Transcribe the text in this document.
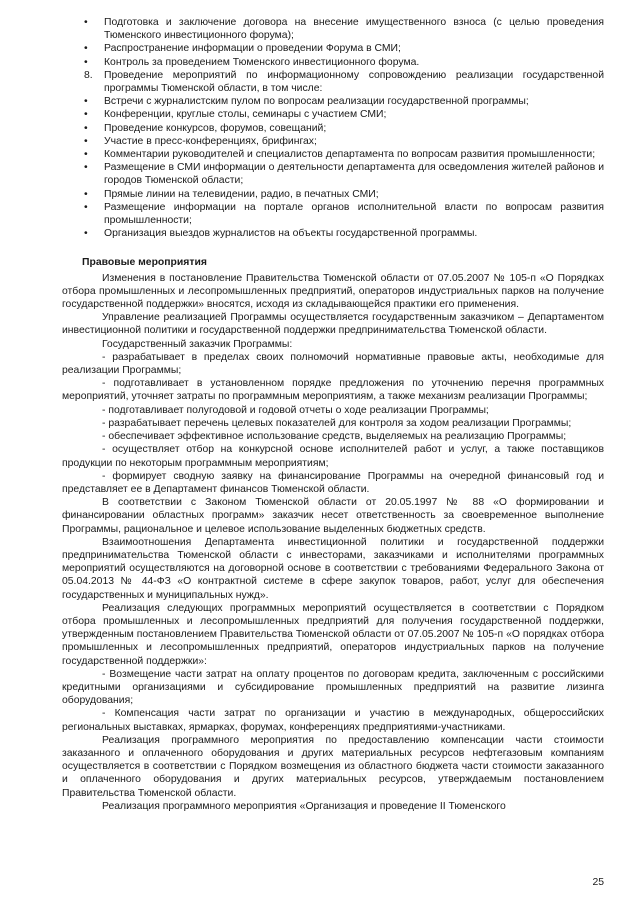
•	Подготовка и заключение договора на внесение имущественного взноса (с целью проведения Тюменского инвестиционного форума);
•	Распространение информации о проведении Форума в СМИ;
•	Контроль за проведением Тюменского инвестиционного форума.
8.	Проведение мероприятий по информационному сопровождению реализации государственной программы Тюменской области, в том числе:
•	Встречи с журналистским пулом по вопросам реализации государственной программы;
•	Конференции, круглые столы, семинары с участием СМИ;
•	Проведение конкурсов, форумов, совещаний;
•	Участие в пресс-конференциях, брифингах;
•	Комментарии руководителей и специалистов департамента по вопросам развития промышленности;
•	Размещение в СМИ информации о деятельности департамента для осведомления жителей районов и городов Тюменской области;
•	Прямые линии на телевидении, радио, в печатных СМИ;
•	Размещение информации на портале органов исполнительной власти по вопросам развития промышленности;
•	Организация выездов журналистов на объекты государственной программы.
Правовые мероприятия

Изменения в постановление Правительства Тюменской области от 07.05.2007 № 105-п «О Порядках отбора промышленных и лесопромышленных предприятий, операторов индустриальных парков на получение государственной поддержки» вносятся, исходя из складывающейся практики его применения.

Управление реализацией Программы осуществляется государственным заказчиком – Департаментом инвестиционной политики и государственной поддержки предпринимательства Тюменской области.

Государственный заказчик Программы:

- разрабатывает в пределах своих полномочий нормативные правовые акты, необходимые для реализации Программы;

- подготавливает в установленном порядке предложения по уточнению перечня программных мероприятий, уточняет затраты по программным мероприятиям, а также механизм реализации Программы;

- подготавливает полугодовой и годовой отчеты о ходе реализации Программы;

- разрабатывает перечень целевых показателей для контроля за ходом реализации Программы;

- обеспечивает эффективное использование средств, выделяемых на реализацию Программы;

- осуществляет отбор на конкурсной основе исполнителей работ и услуг, а также поставщиков продукции по некоторым программным мероприятиям;

- формирует сводную заявку на финансирование Программы на очередной финансовый год и представляет ее в Департамент финансов Тюменской области.

В соответствии с Законом Тюменской области от 20.05.1997 № 88 «О формировании и финансировании областных программ» заказчик несет ответственность за своевременное выполнение Программы, рациональное и целевое использование выделенных бюджетных средств.

Взаимоотношения Департамента инвестиционной политики и государственной поддержки предпринимательства Тюменской области с инвесторами, заказчиками и исполнителями программных мероприятий осуществляются на договорной основе в соответствии с требованиями Федерального Закона от 05.04.2013 № 44-ФЗ «О контрактной системе в сфере закупок товаров, работ, услуг для обеспечения государственных и муниципальных нужд».

Реализация следующих программных мероприятий осуществляется в соответствии с Порядком отбора промышленных и лесопромышленных предприятий для получения государственной поддержки, утвержденным постановлением Правительства Тюменской области от 07.05.2007 № 105-п «О порядках отбора промышленных и лесопромышленных предприятий, операторов индустриальных парков на получение государственной поддержки»:

- Возмещение части затрат на оплату процентов по договорам кредита, заключенным с российскими кредитными организациями и субсидирование промышленных предприятий на развитие лизинга оборудования;

- Компенсация части затрат по организации и участию в международных, общероссийских региональных выставках, ярмарках, форумах, конференциях предприятиями-участниками.

Реализация программного мероприятия по предоставлению компенсации части стоимости заказанного и оплаченного оборудования и других материальных ресурсов нефтегазовым компаниям осуществляется в соответствии с Порядком возмещения из областного бюджета части стоимости заказанного и оплаченного оборудования и других материальных ресурсов, утверждаемым постановлением Правительства Тюменской области.

Реализация программного мероприятия «Организация и проведение II Тюменского

25
